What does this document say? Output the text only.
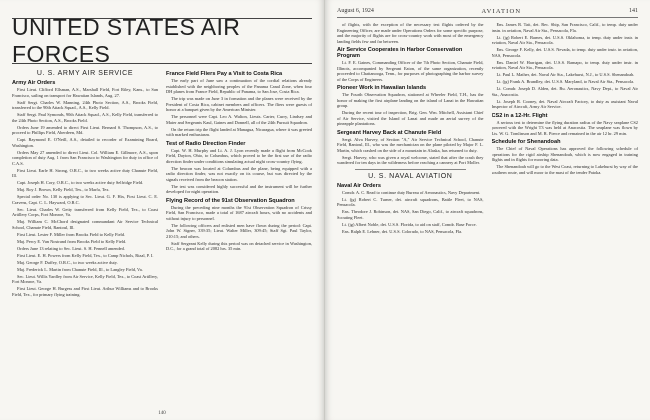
UNITED STATES AIR FORCES
U. S. ARMY AIR SERVICE
Army Air Orders
First Lieut. Clifford Ellsman, A.S., Marshall Field, Fort Riley, Kans., to San Francisco, sailing on transport for Hawaiian Islands, Aug. 27.
Staff Sergt. Charles W. Manning, 24th Photo Section, A.S., Brooks Field, transferred to the 90th Attack Squad., A.S., Kelly Field.
Staff Sergt. Paul Symonds, 90th Attack Squad., A.S., Kelly Field, transferred to the 24th Photo Section, A.S., Brooks Field.
Orders June 19 amended to direct First Lieut. Bernard S. Thompson, A.S., to proceed to Phillips Field, Aberdeen, Md.
Capt. Raymond E. O'Neill, A.S., detailed to recorder of Examining Board, Washington.
Orders May 27 amended to direct Lieut. Col. William E. Gillmore, A.S., upon completion of duty Aug. 1 from San Francisco to Washington for duty in office of C.A.S.
First Lieut. Earle H. Strong, O.R.C., to two weeks active duty Chanute Field, Ill.
Capt. Joseph H. Cory, O.R.C., to two weeks active duty Selfridge Field.
Maj. Roy J. Brown, Kelly Field, Tex., to Marfa, Tex.
Special order No. 130 is applying to Sec. Lieut. G. F. Hix, First Lieut. C. E. Cravens, Capt. C. L. Hayward, O.R.C.
Sec. Lieut. Charles W. Getty transferred from Kelly Field, Tex., to Coast Artillery Corps, Fort Monroe, Va.
Maj. William C. McChord designated commandant Air Service Technical School, Chanute Field, Rantoul, Ill.
First Lieut. Lester F. Miller from Brooks Field to Kelly Field.
Maj. Percy E. Van Nostrand from Brooks Field to Kelly Field.
Orders June 13 relating to Sec. Lieut. S. H. Fennell amended.
First Lieut. E. H. Powers from Kelly Field, Tex., to Camp Nichols, Rizal, P. I.
Maj. George F. Duffey, O.R.C., to two weeks active duty.
Maj. Frederick L. Martin from Chanute Field, Ill., to Langley Field, Va.
Sec. Lieut. Willis Yardley from Air Service, Kelly Field, Tex., to Coast Artillery, Fort Monroe, Va.
First Lieut. George H. Burgess and First Lieut. Arthur Williams and to Brooks Field, Tex., for primary flying training.
France Field Fliers Pay a Visit to Costa Rica
The early part of June saw a continuation of the cordial relations already established with the neighboring peoples of the Panama Canal Zone, when four DH planes from France Field, Republic of Panama, to San Jose, Costa Rica.
The trip was made on June 3 in formation and the planes were received by the President of Costa Rica, cabinet members and officers. The fliers were guests of honor at a banquet given by the American Minister.
The personnel were Capt. Leo A. Walton, Lieuts. Carter, Curry, Lindsey and Maier and Sergeants Kaul, Gaines and Donnell, all of the 24th Pursuit Squadron.
On the return trip the flight landed at Managua, Nicaragua, where it was greeted with marked enthusiasm.
Test of Radio Direction Finder
Capt. W. H. Murphy and Lt. A. J. Lyon recently made a flight from McCook Field, Dayton, Ohio, to Columbus, which proved to be the first use of the radio direction finder under conditions simulating actual night cross-country flying.
The beacon was located at Columbus and the plane, being equipped with a radio direction finder, was not exactly on its course, but was directed by the signals received from the beacon station.
The test was considered highly successful and the instrument will be further developed for night operation.
Flying Record of the 91st Observation Squadron
During the preceding nine months the 91st Observation Squadron of Crissy Field, San Francisco, made a total of 1687 aircraft hours, with no accidents and without injury to personnel.
The following officers and enlisted men have flown during the period: Capt. John W. Signer, 339:35; Lieut. Walter Miller, 309:45; Staff Sgt. Paul Taylor, 210:15; and others.
Staff Sergeant Kelly during this period was on detached service in Washington, D.C., for a grand total of 2082 hrs. 35 min.
140
August 6, 1924	AVIATION	141
of flights, with the exception of the necessary test flights ordered by the Engineering Officer, are made under Operations Orders for some specific purpose, and the majority of flights are for cross-country work with most of the emergency landing fields few and far between.
Air Service Cooperates in Harbor Conservation Program
Lt. F. E. Gaines, Commanding Officer of the 7th Photo Section, Chanute Field, Illinois, accompanied by Sergeant Eaton, of the same organization, recently proceeded to Chattanooga, Tenn., for purposes of photographing the harbor survey of the Corps of Engineers.
Pioneer Work in Hawaiian Islands
The Fourth Observation Squadron, stationed at Wheeler Field, T.H., has the honor of making the first airplane landing on the island of Lanai in the Hawaiian group.
During the recent tour of inspection, Brig. Gen. Wm. Mitchell, Assistant Chief of Air Service, visited the Island of Lanai and made an aerial survey of the pineapple plantations.
Sergeant Harvey Back at Chanute Field
Sergt. Alva Harvey, of Section "A," Air Service Technical School, Chanute Field, Rantoul, Ill., who was the mechanician on the plane piloted by Major F. L. Martin, which crashed on the side of a mountain in Alaska, has returned to duty.
Sergt. Harvey, who was given a royal welcome, stated that after the crash they wandered for ten days in the wilderness before reaching a cannery at Port Moller.
U. S. NAVAL AVIATION
Naval Air Orders
Comdr. A. C. Read to continue duty Bureau of Aeronautics, Navy Department.
Lt. (jg) Robert C. Turner, det. aircraft squadrons, Battle Fleet, to NAS, Pensacola.
Ens. Theodore J. Robinson, det. NAS, San Diego, Calif., to aircraft squadrons, Scouting Fleet.
Lt. (jg) Albert Noble, det. U.S.S. Florida, to aid on staff, Comdr. Base Force.
Ens. Ralph E. Lehner, det. U.S.S. Colorado, to NAS, Pensacola, Fla.
Ens. James R. Tait, det. Rec. Ship, San Francisco, Calif., to temp. duty under instn. in aviation, Naval Air Sta., Pensacola, Fla.
Lt. (jg) Robert E. Barnes, det. U.S.S. Oklahoma, to temp. duty under instr. in aviation, Naval Air Sta., Pensacola.
Ens. George F. Kelly, det. U.S.S. Nevada, to temp. duty under instr. in aviation, NAS, Pensacola.
Ens. Daniel W. Harrigan, det. U.S.S. Ramapo, to temp. duty under instr. in aviation, Naval Air Sta., Pensacola.
Lt. Paul L. Mather, det. Naval Air Sta., Lakehurst, N.J., to U.S.S. Shenandoah.
Lt. (jg) Frank A. Brandley, det. U.S.S. Maryland, to Naval Air Sta., Pensacola.
Lt. Comdr. Joseph D. Alden, det. Bu. Aeronautics, Navy Dept., to Naval Air Sta., Anacostia.
Lt. Joseph R. Cooney, det. Naval Aircraft Factory, to duty as assistant Naval Inspector of Aircraft, Army Air Service.
CS2 in a 12-Hr. Flight
A serious test to determine the flying duration radius of the Navy seaplane CS2 powered with the Wright T3 was held at Anacostia. The seaplane was flown by Lts. W. G. Tomlinson and M. R. Pierce and remained in the air 12 hr. 29 min.
Schedule for Shenandoah
The Chief of Naval Operations has approved the following schedule of operations for the rigid airship Shenandoah, which is now engaged in training flights and in flights for mooring data.
The Shenandoah will go to the West Coast, returning to Lakehurst by way of the southern route, and will moor to the mast of the tender Patoka.
